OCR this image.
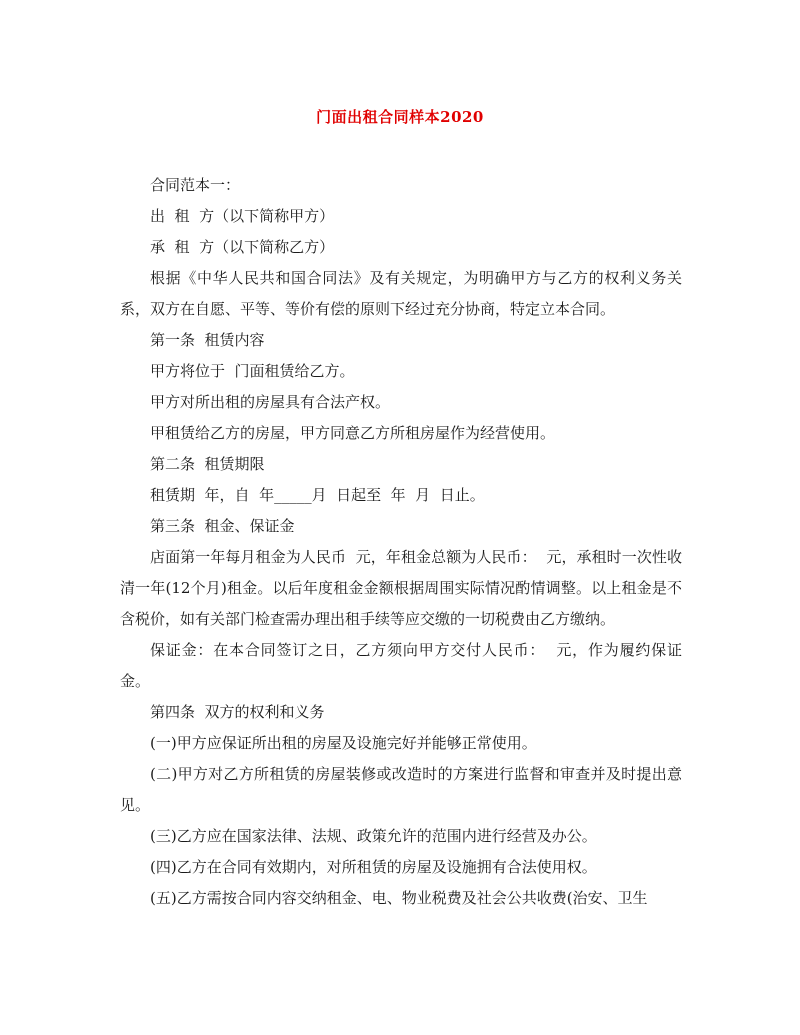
门面出租合同样本2020

合同范本一：

出  租  方（以下简称甲方）

承  租  方（以下简称乙方）

根据《中华人民共和国合同法》及有关规定，为明确甲方与乙方的权利义务关系，双方在自愿、平等、等价有偿的原则下经过充分协商，特定立本合同。

第一条  租赁内容

甲方将位于  门面租赁给乙方。

甲方对所出租的房屋具有合法产权。

甲租赁给乙方的房屋，甲方同意乙方所租房屋作为经营使用。

第二条  租赁期限

租赁期  年，自  年_____月  日起至  年  月  日止。

第三条  租金、保证金

店面第一年每月租金为人民币  元，年租金总额为人民币：  元，承租时一次性收清一年(12个月)租金。以后年度租金金额根据周围实际情况酌情调整。以上租金是不含税价，如有关部门检查需办理出租手续等应交缴的一切税费由乙方缴纳。

保证金：在本合同签订之日，乙方须向甲方交付人民币：  元，作为履约保证金。

第四条  双方的权利和义务

(一)甲方应保证所出租的房屋及设施完好并能够正常使用。

(二)甲方对乙方所租赁的房屋装修或改造时的方案进行监督和审查并及时提出意见。

(三)乙方应在国家法律、法规、政策允许的范围内进行经营及办公。

(四)乙方在合同有效期内，对所租赁的房屋及设施拥有合法使用权。

(五)乙方需按合同内容交纳租金、电、物业税费及社会公共收费(治安、卫生
